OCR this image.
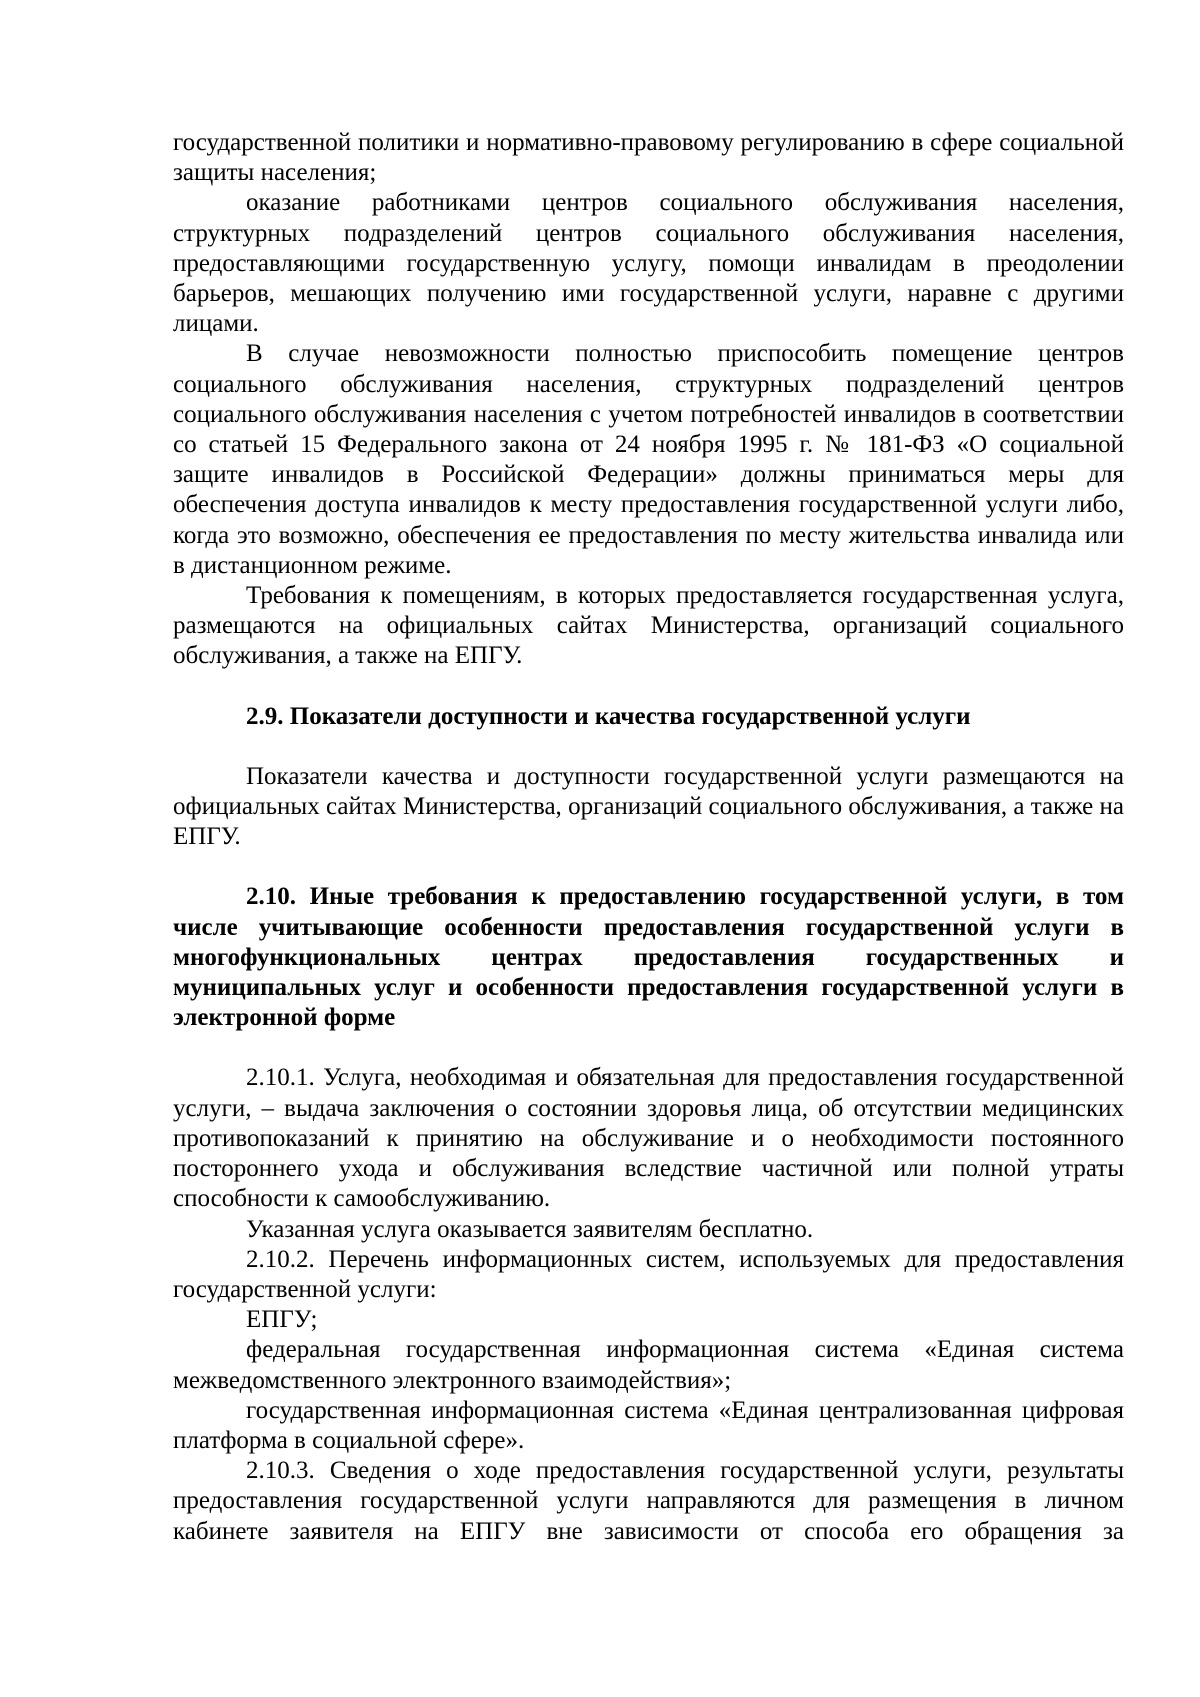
государственной политики и нормативно-правовому регулированию в сфере социальной защиты населения;

оказание работниками центров социального обслуживания населения, структурных подразделений центров социального обслуживания населения, предоставляющими государственную услугу, помощи инвалидам в преодолении барьеров, мешающих получению ими государственной услуги, наравне с другими лицами.

В случае невозможности полностью приспособить помещение центров социального обслуживания населения, структурных подразделений центров социального обслуживания населения с учетом потребностей инвалидов в соответствии со статьей 15 Федерального закона от 24 ноября 1995 г. № 181-ФЗ «О социальной защите инвалидов в Российской Федерации» должны приниматься меры для обеспечения доступа инвалидов к месту предоставления государственной услуги либо, когда это возможно, обеспечения ее предоставления по месту жительства инвалида или в дистанционном режиме.

Требования к помещениям, в которых предоставляется государственная услуга, размещаются на официальных сайтах Министерства, организаций социального обслуживания, а также на ЕПГУ.

2.9. Показатели доступности и качества государственной услуги

Показатели качества и доступности государственной услуги размещаются на официальных сайтах Министерства, организаций социального обслуживания, а также на ЕПГУ.

2.10. Иные требования к предоставлению государственной услуги, в том числе учитывающие особенности предоставления государственной услуги в многофункциональных центрах предоставления государственных и муниципальных услуг и особенности предоставления государственной услуги в электронной форме

2.10.1. Услуга, необходимая и обязательная для предоставления государственной услуги, – выдача заключения о состоянии здоровья лица, об отсутствии медицинских противопоказаний к принятию на обслуживание и о необходимости постоянного постороннего ухода и обслуживания вследствие частичной или полной утраты способности к самообслуживанию.

Указанная услуга оказывается заявителям бесплатно.

2.10.2. Перечень информационных систем, используемых для предоставления государственной услуги:

ЕПГУ;

федеральная государственная информационная система «Единая система межведомственного электронного взаимодействия»;

государственная информационная система «Единая централизованная цифровая платформа в социальной сфере».

2.10.3. Сведения о ходе предоставления государственной услуги, результаты предоставления государственной услуги направляются для размещения в личном кабинете заявителя на ЕПГУ вне зависимости от способа его обращения за
